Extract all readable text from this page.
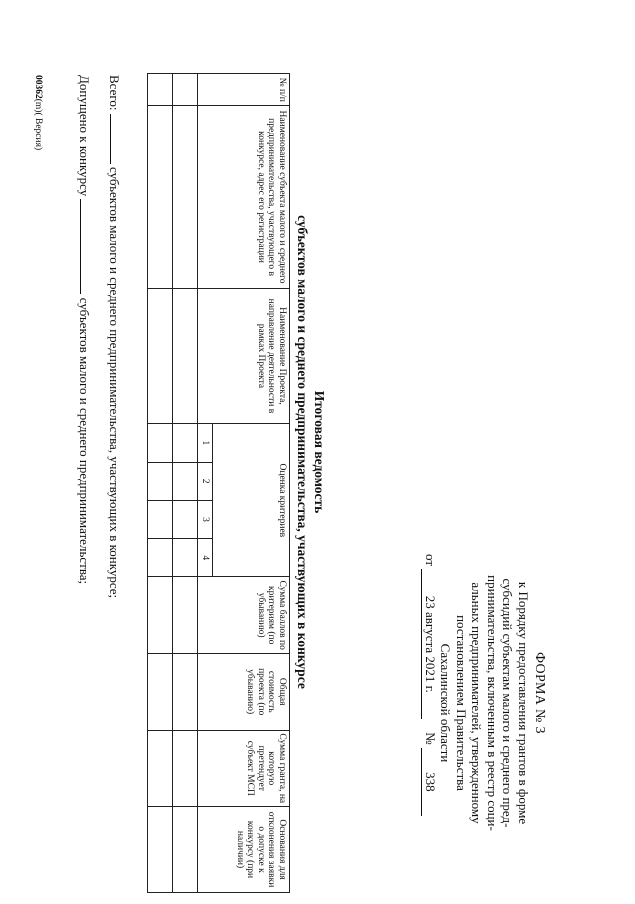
ФОРМА № 3
к Порядку предоставления грантов в форме
субсидий субъектам малого и среднего пред-
принимательства, включенным в реестр соци-
альных предпринимателей, утвержденному
постановлением Правительства
Сахалинской области
от 23 августа 2021 г.    № 338
Итоговая ведомость
субъектов малого и среднего предпринимательства, участвующих в конкурсе
№ п/п	Наименование субъекта малого и среднего предпринимательства, участвующего в конкурсе, адрес его регистрации	Наименование Проекта, направление деятельности в рамках Проекта	Оценка критериев				Сумма баллов по критериям (по убыванию)	Общая стоимость проекта (по убыванию)	Сумма гранта, на которую претендует субъект МСП	Основания для отклонения заявки о допуске к конкурсу (при наличии)
			1	2	3	4				

Всего:  субъектов малого и среднего предпринимательства, участвующих в конкурсе;
Допущено к конкурсу  субъектов малого и среднего предпринимательства;
00362(m)( Версия)
